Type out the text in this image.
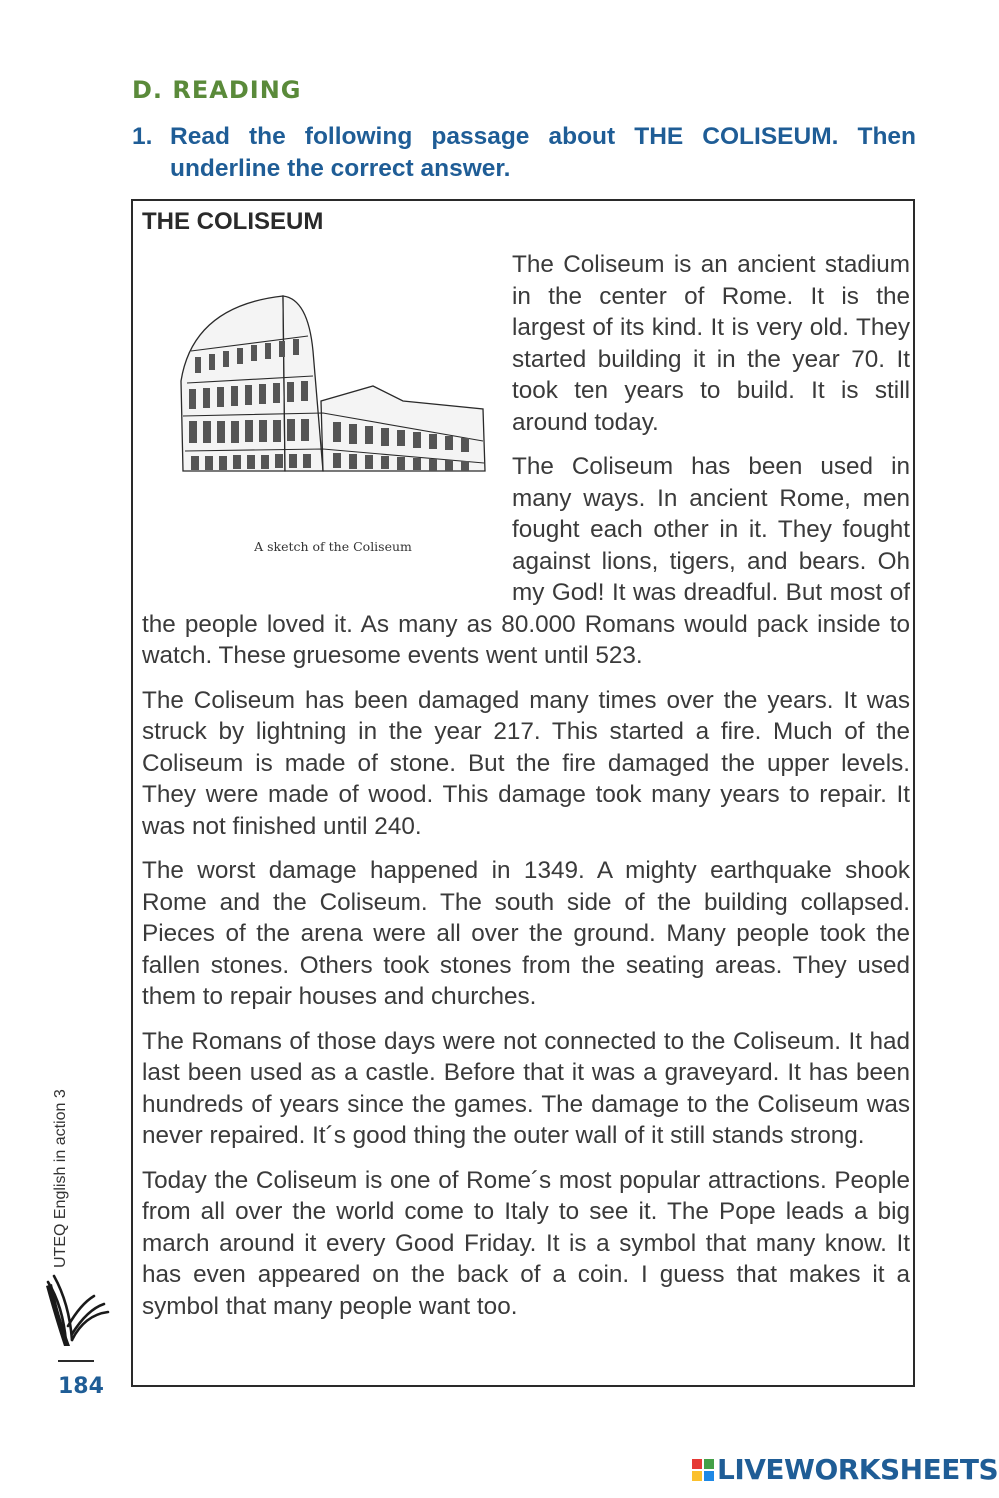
D. READING
1. Read the following passage about THE COLISEUM. Then underline the correct answer.
THE COLISEUM
A sketch of the Coliseum

The Coliseum is an ancient stadium in the center of Rome. It is the largest of its kind. It is very old. They started building it in the year 70. It took ten years to build. It is still around today.

The Coliseum has been used in many ways. In ancient Rome, men fought each other in it. They fought against lions, tigers, and bears. Oh my God! It was dreadful. But most of the people loved it. As many as 80.000 Romans would pack inside to watch. These gruesome events went until 523.

The Coliseum has been damaged many times over the years. It was struck by lightning in the year 217. This started a fire. Much of the Coliseum is made of stone. But the fire damaged the upper levels. They were made of wood. This damage took many years to repair. It was not finished until 240.

The worst damage happened in 1349. A mighty earthquake shook Rome and the Coliseum. The south side of the building collapsed. Pieces of the arena were all over the ground. Many people took the fallen stones. Others took stones from the seating areas. They used them to repair houses and churches.

The Romans of those days were not connected to the Coliseum. It had last been used as a castle. Before that it was a graveyard. It has been hundreds of years since the games. The damage to the Coliseum was never repaired. It´s good thing the outer wall of it still stands strong.

Today the Coliseum is one of Rome´s most popular attractions. People from all over the world come to Italy to see it. The Pope leads a big march around it every Good Friday. It is a symbol that many know. It has even appeared on the back of a coin. I guess that makes it a symbol that many people want too.

UTEQ English in action 3
184
LIVEWORKSHEETS
